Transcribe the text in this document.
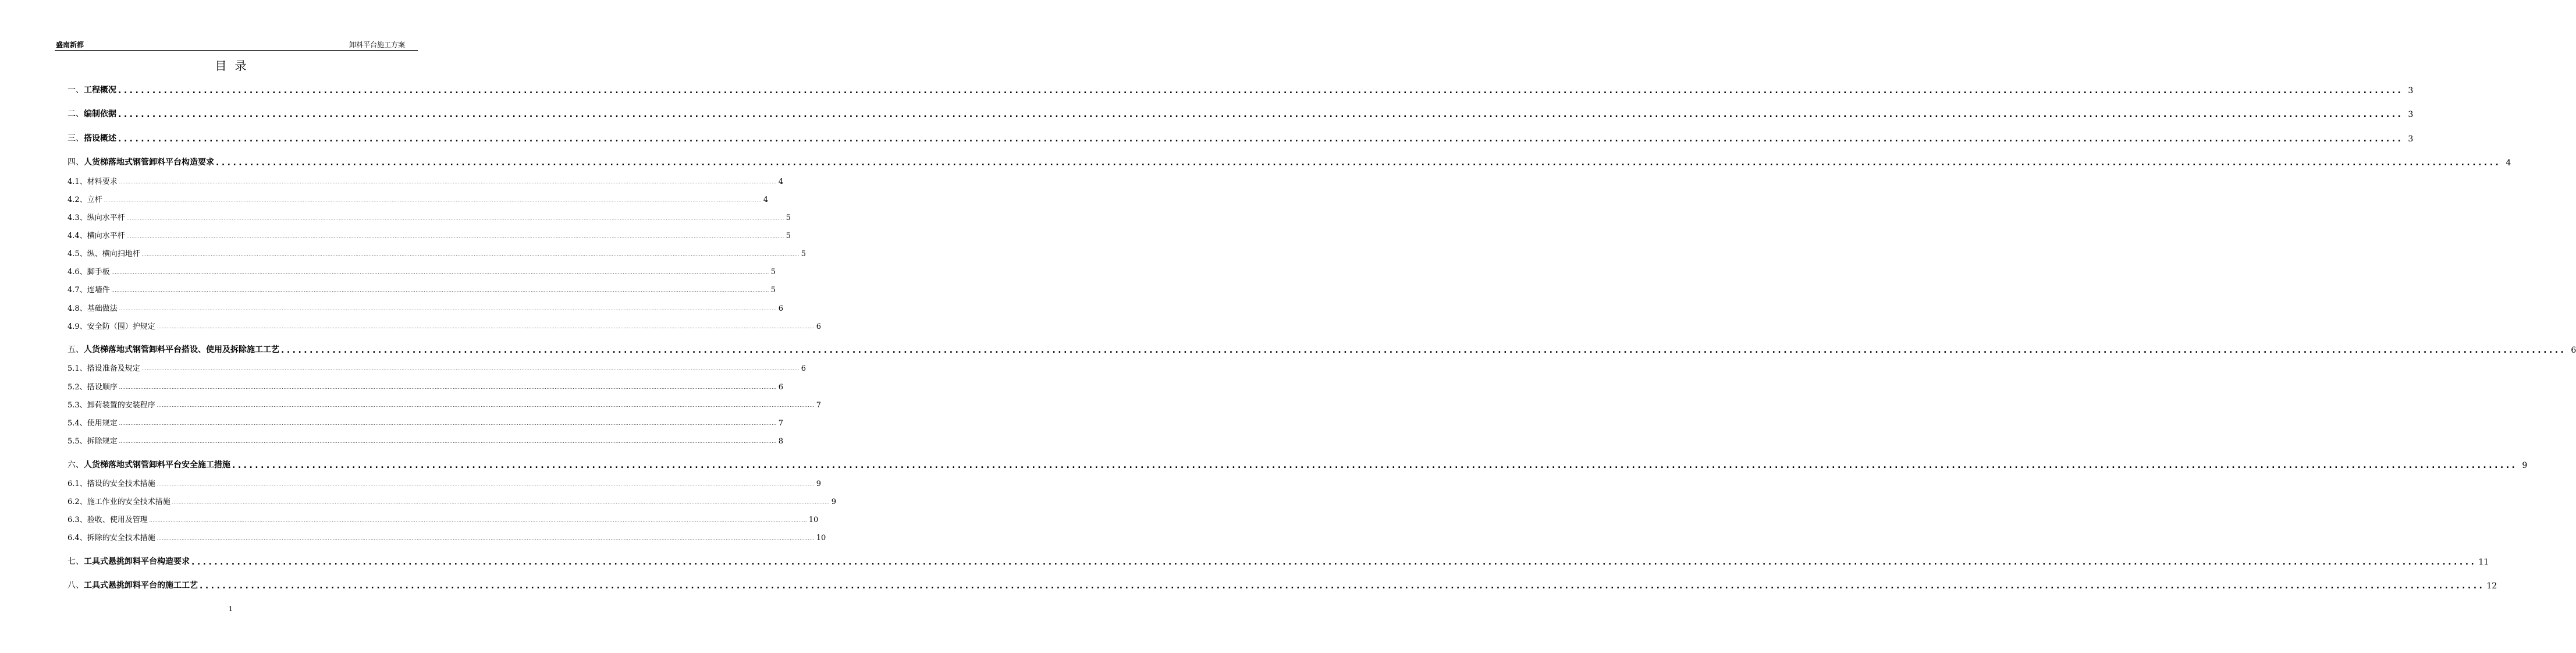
盛南新都	卸料平台施工方案
目录
一、 工程概况 ................................................................................................................................................................................................................................................................................................................................................................................................................ 3
二、 编制依据 ................................................................................................................................................................................................................................................................................................................................................................................................................ 3
三、 搭设概述 ................................................................................................................................................................................................................................................................................................................................................................................................................ 3
四、 人货梯落地式钢管卸料平台构造要求 ................................................................................................................................................................................................................................................................................................................................................................................................................ 4
4.1、 材料要求 ................................................................................................................................................................................................................................................................................................................................................................................................................ 4
4.2、 立杆 ................................................................................................................................................................................................................................................................................................................................................................................................................ 4
4.3、 纵向水平杆 ................................................................................................................................................................................................................................................................................................................................................................................................................ 5
4.4、 横向水平杆 ................................................................................................................................................................................................................................................................................................................................................................................................................ 5
4.5、 纵、横向扫地杆 ................................................................................................................................................................................................................................................................................................................................................................................................................ 5
4.6、 脚手板 ................................................................................................................................................................................................................................................................................................................................................................................................................ 5
4.7、 连墙件 ................................................................................................................................................................................................................................................................................................................................................................................................................ 5
4.8、 基础做法 ................................................................................................................................................................................................................................................................................................................................................................................................................ 6
4.9、 安全防（围）护规定 ................................................................................................................................................................................................................................................................................................................................................................................................................ 6
五、 人货梯落地式钢管卸料平台搭设、使用及拆除施工工艺 ................................................................................................................................................................................................................................................................................................................................................................................................................ 6
5.1、 搭设准备及规定 ................................................................................................................................................................................................................................................................................................................................................................................................................ 6
5.2、 搭设顺序 ................................................................................................................................................................................................................................................................................................................................................................................................................ 6
5.3、 卸荷装置的安装程序 ................................................................................................................................................................................................................................................................................................................................................................................................................ 7
5.4、 使用规定 ................................................................................................................................................................................................................................................................................................................................................................................................................ 7
5.5、 拆除规定 ................................................................................................................................................................................................................................................................................................................................................................................................................ 8
六、 人货梯落地式钢管卸料平台安全施工措施 ................................................................................................................................................................................................................................................................................................................................................................................................................ 9
6.1、 搭设的安全技术措施 ................................................................................................................................................................................................................................................................................................................................................................................................................ 9
6.2、 施工作业的安全技术措施 ................................................................................................................................................................................................................................................................................................................................................................................................................ 9
6.3、 验收、使用及管理 ................................................................................................................................................................................................................................................................................................................................................................................................................ 10
6.4、 拆除的安全技术措施 ................................................................................................................................................................................................................................................................................................................................................................................................................ 10
七、 工具式悬挑卸料平台构造要求 ................................................................................................................................................................................................................................................................................................................................................................................................................ 11
八、 工具式悬挑卸料平台的施工工艺 ................................................................................................................................................................................................................................................................................................................................................................................................................ 12
1
